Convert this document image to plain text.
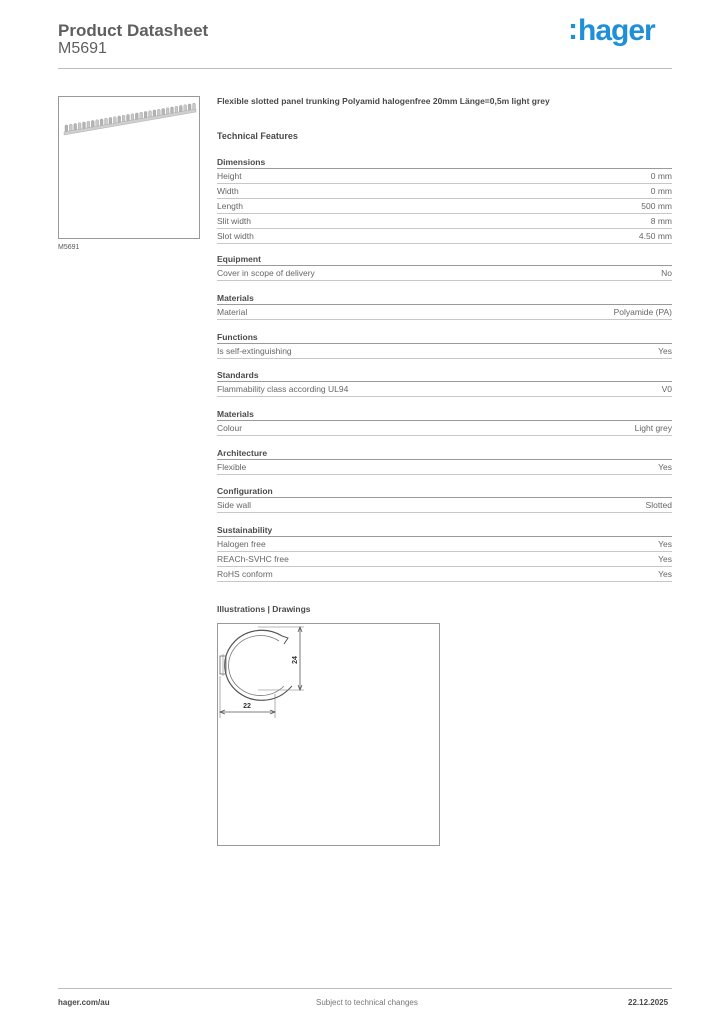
Product Datasheet
M5691
:hager
M5691
Flexible slotted panel trunking Polyamid halogenfree 20mm Länge=0,5m light grey
Technical Features
Dimensions
Height	0 mm
Width	0 mm
Length	500 mm
Slit width	8 mm
Slot width	4.50 mm
Equipment
Cover in scope of delivery	No
Materials
Material	Polyamide (PA)
Functions
Is self-extinguishing	Yes
Standards
Flammability class according UL94	V0
Materials
Colour	Light grey
Architecture
Flexible	Yes
Configuration
Side wall	Slotted
Sustainability
Halogen free	Yes
REACh-SVHC free	Yes
RoHS conform	Yes
Illustrations | Drawings
24
22
hager.com/au	Subject to technical changes	22.12.2025
